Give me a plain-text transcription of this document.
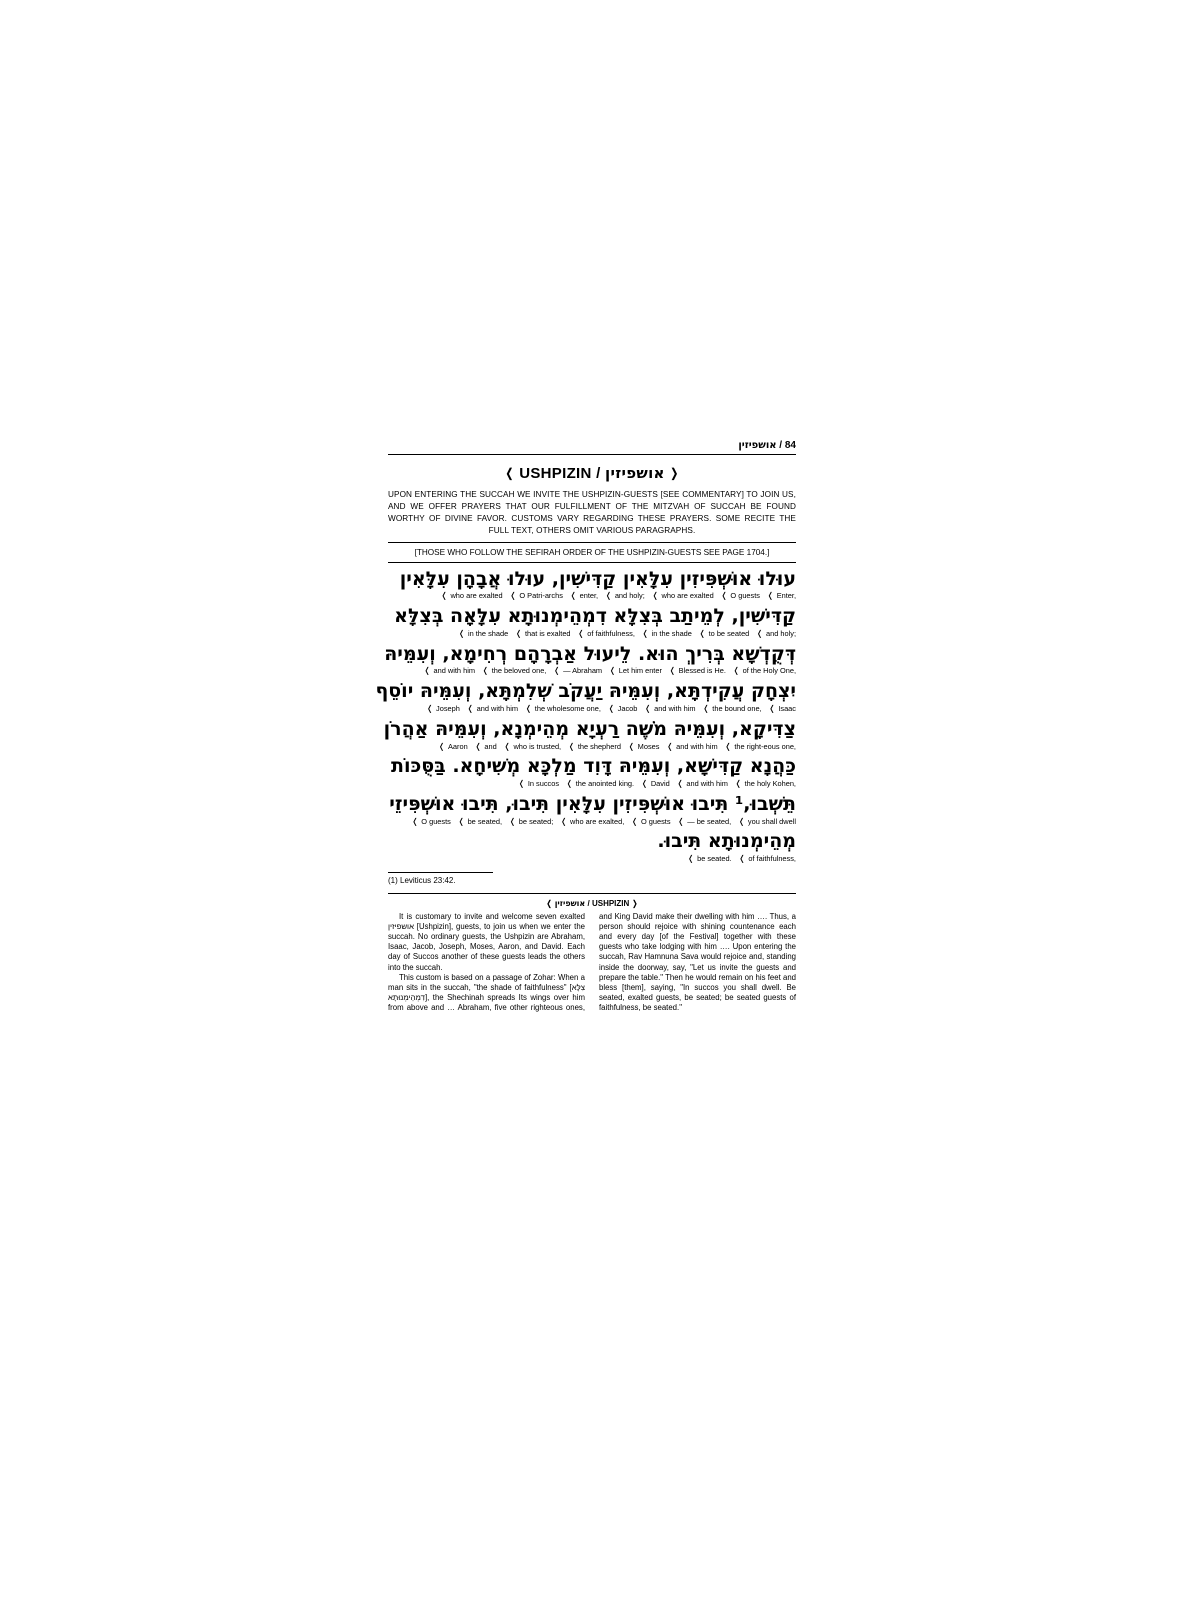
אושפיזין / 84
❬ USHPIZIN / אושפיזין ❭
UPON ENTERING THE SUCCAH WE INVITE THE USHPIZIN-GUESTS [SEE COMMENTARY] TO JOIN US, AND WE OFFER PRAYERS THAT OUR FULFILLMENT OF THE MITZVAH OF SUCCAH BE FOUND WORTHY OF DIVINE FAVOR. CUSTOMS VARY REGARDING THESE PRAYERS. SOME RECITE THE FULL TEXT, OTHERS OMIT VARIOUS PARAGRAPHS.
[THOSE WHO FOLLOW THE SEFIRAH ORDER OF THE USHPIZIN-GUESTS SEE PAGE 1704.]
עוּלוּ אוּשְׁפִּיזִין עִלָּאִין קַדִּישִׁין, עוּלוּ אֲבָהָן עִלָּאִין
❬ Enter,
❬ O guests
❬ who are exalted
❬ and holy;
❬ enter,
❬ O Patri-archs
❬ who are exalted
קַדִּישִׁין, לְמֵיתַב בְּצִלָּא דִמְהֵימְנוּתָא עִלָּאָה בְּצִלָּא
❬ and holy;
❬ to be seated
❬ in the shade
❬ of faithfulness,
❬ that is exalted
❬ in the shade
דְּקֻדְשָׁא בְּרִיךְ הוּא. לֵיעוּל אַבְרָהָם רְחִימָא, וְעִמֵּיהּ
❬ of the Holy One,
❬ Blessed is He.
❬ Let him enter
❬ — Abraham
❬ the beloved one,
❬ and with him
יִצְחָק עֲקִידְתָּא, וְעִמֵּיהּ יַעֲקֹב שְׁלִמְתָּא, וְעִמֵּיהּ יוֹסֵף
❬ Isaac
❬ the bound one,
❬ and with him
❬ Jacob
❬ the wholesome one,
❬ and with him
❬ Joseph
צַדִּיקָא, וְעִמֵּיהּ מֹשֶׁה רַעְיָא מְהֵימְנָא, וְעִמֵּיהּ אַהֲרֹן
❬ the right-eous one,
❬ and with him
❬ Moses
❬ the shepherd
❬ who is trusted,
❬ and
❬ Aaron
כַּהֲנָא קַדִּישָׁא, וְעִמֵּיהּ דָּוִד מַלְכָּא מְשִׁיחָא. בַּסֻּכּוֹת
❬ the holy Kohen,
❬ and with him
❬ David
❬ the anointed king.
❬ In succos
תֵּשְׁבוּ,¹ תִּיבוּ אוּשְׁפִּיזִין עִלָּאִין תִּיבוּ, תִּיבוּ אוּשְׁפִּיזֵי
❬ you shall dwell
❬ — be seated,
❬ O guests
❬ who are exalted,
❬ be seated;
❬ be seated,
❬ O guests
מְהֵימְנוּתָא תִּיבוּ.
❬ of faithfulness,
❬ be seated.
(1) Leviticus 23:42.
❬ אושפיזין / USHPIZIN ❭

It is customary to invite and welcome seven exalted אושפיזין [Ushpizin], guests, to join us when we enter the succah. No ordinary guests, the Ushpizin are Abraham, Isaac, Jacob, Joseph, Moses, Aaron, and David. Each day of Succos another of these guests leads the others into the succah.

This custom is based on a passage of Zohar: When a man sits in the succah, "the shade of faithfulness" [צִלָּא דִמְהֵימְנוּתָא], the Shechinah spreads Its wings over him from above and … Abraham, five other righteous ones, and King David make their dwelling with him …. Thus, a person should rejoice with shining countenance each and every day [of the Festival] together with these guests who take lodging with him …. Upon entering the succah, Rav Hamnuna Sava would rejoice and, standing inside the doorway, say, "Let us invite the guests and prepare the table." Then he would remain on his feet and bless [them], saying, "In succos you shall dwell. Be seated, exalted guests, be seated; be seated guests of faithfulness, be seated."
